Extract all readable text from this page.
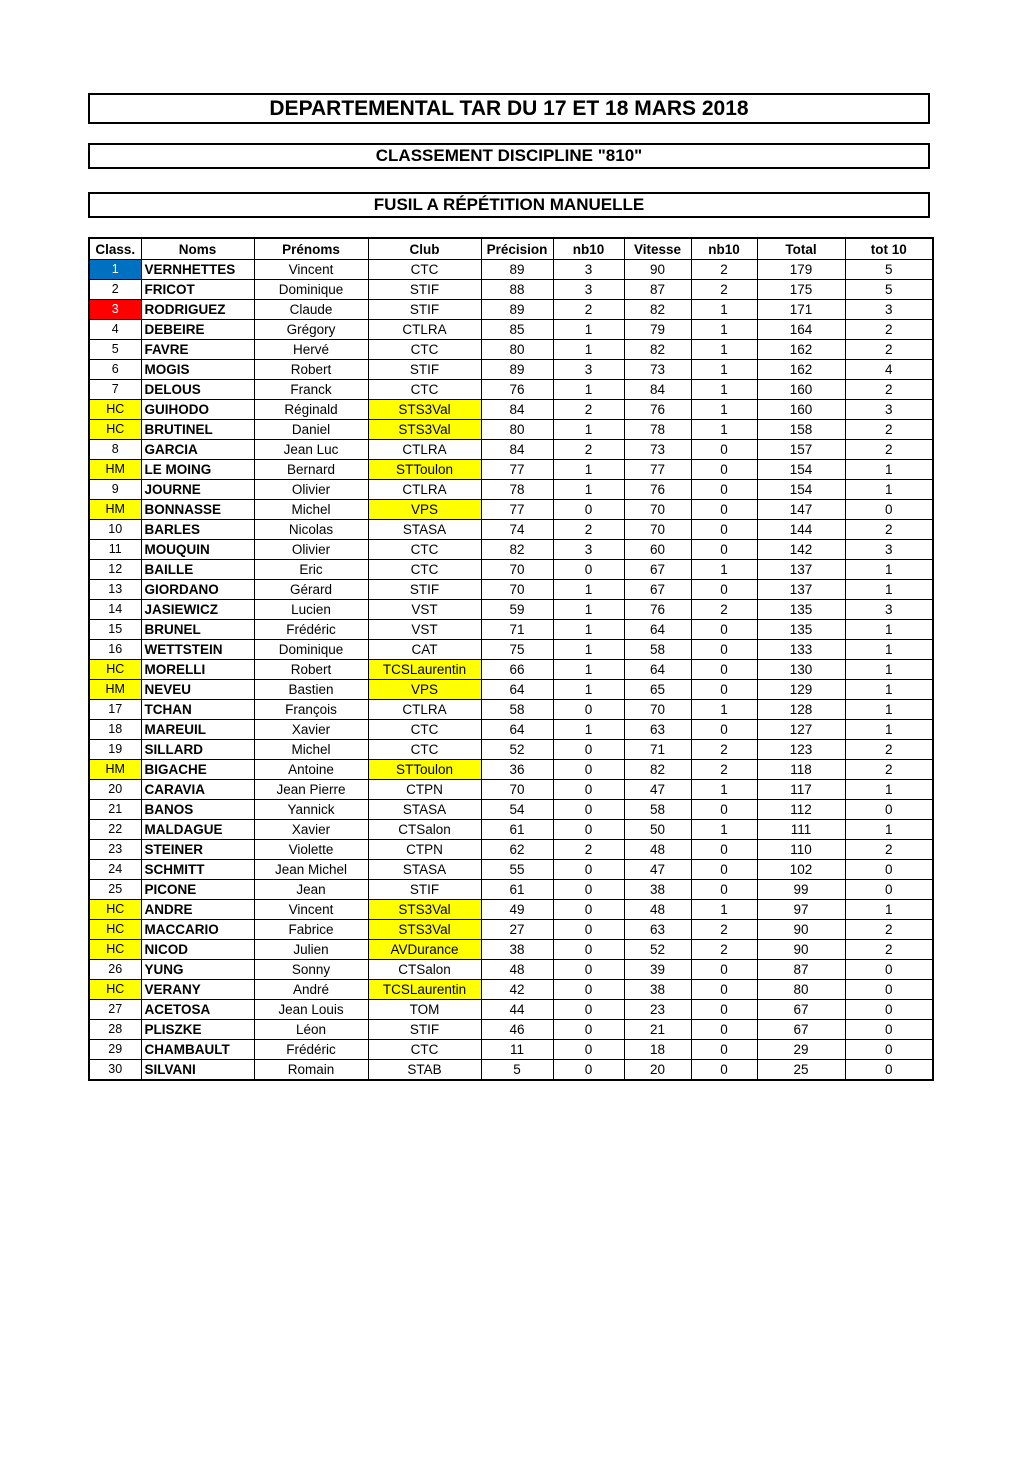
DEPARTEMENTAL TAR DU 17 ET 18 MARS 2018
CLASSEMENT DISCIPLINE "810"
FUSIL A RÉPÉTITION MANUELLE
Class.	Noms	Prénoms	Club	Précision	nb10	Vitesse	nb10	Total	tot 10
1	VERNHETTES	Vincent	CTC	89	3	90	2	179	5
2	FRICOT	Dominique	STIF	88	3	87	2	175	5
3	RODRIGUEZ	Claude	STIF	89	2	82	1	171	3
4	DEBEIRE	Grégory	CTLRA	85	1	79	1	164	2
5	FAVRE	Hervé	CTC	80	1	82	1	162	2
6	MOGIS	Robert	STIF	89	3	73	1	162	4
7	DELOUS	Franck	CTC	76	1	84	1	160	2
HC	GUIHODO	Réginald	STS3Val	84	2	76	1	160	3
HC	BRUTINEL	Daniel	STS3Val	80	1	78	1	158	2
8	GARCIA	Jean Luc	CTLRA	84	2	73	0	157	2
HM	LE MOING	Bernard	STToulon	77	1	77	0	154	1
9	JOURNE	Olivier	CTLRA	78	1	76	0	154	1
HM	BONNASSE	Michel	VPS	77	0	70	0	147	0
10	BARLES	Nicolas	STASA	74	2	70	0	144	2
11	MOUQUIN	Olivier	CTC	82	3	60	0	142	3
12	BAILLE	Eric	CTC	70	0	67	1	137	1
13	GIORDANO	Gérard	STIF	70	1	67	0	137	1
14	JASIEWICZ	Lucien	VST	59	1	76	2	135	3
15	BRUNEL	Frédéric	VST	71	1	64	0	135	1
16	WETTSTEIN	Dominique	CAT	75	1	58	0	133	1
HC	MORELLI	Robert	TCSLaurentin	66	1	64	0	130	1
HM	NEVEU	Bastien	VPS	64	1	65	0	129	1
17	TCHAN	François	CTLRA	58	0	70	1	128	1
18	MAREUIL	Xavier	CTC	64	1	63	0	127	1
19	SILLARD	Michel	CTC	52	0	71	2	123	2
HM	BIGACHE	Antoine	STToulon	36	0	82	2	118	2
20	CARAVIA	Jean Pierre	CTPN	70	0	47	1	117	1
21	BANOS	Yannick	STASA	54	0	58	0	112	0
22	MALDAGUE	Xavier	CTSalon	61	0	50	1	111	1
23	STEINER	Violette	CTPN	62	2	48	0	110	2
24	SCHMITT	Jean Michel	STASA	55	0	47	0	102	0
25	PICONE	Jean	STIF	61	0	38	0	99	0
HC	ANDRE	Vincent	STS3Val	49	0	48	1	97	1
HC	MACCARIO	Fabrice	STS3Val	27	0	63	2	90	2
HC	NICOD	Julien	AVDurance	38	0	52	2	90	2
26	YUNG	Sonny	CTSalon	48	0	39	0	87	0
HC	VERANY	André	TCSLaurentin	42	0	38	0	80	0
27	ACETOSA	Jean Louis	TOM	44	0	23	0	67	0
28	PLISZKE	Léon	STIF	46	0	21	0	67	0
29	CHAMBAULT	Frédéric	CTC	11	0	18	0	29	0
30	SILVANI	Romain	STAB	5	0	20	0	25	0
